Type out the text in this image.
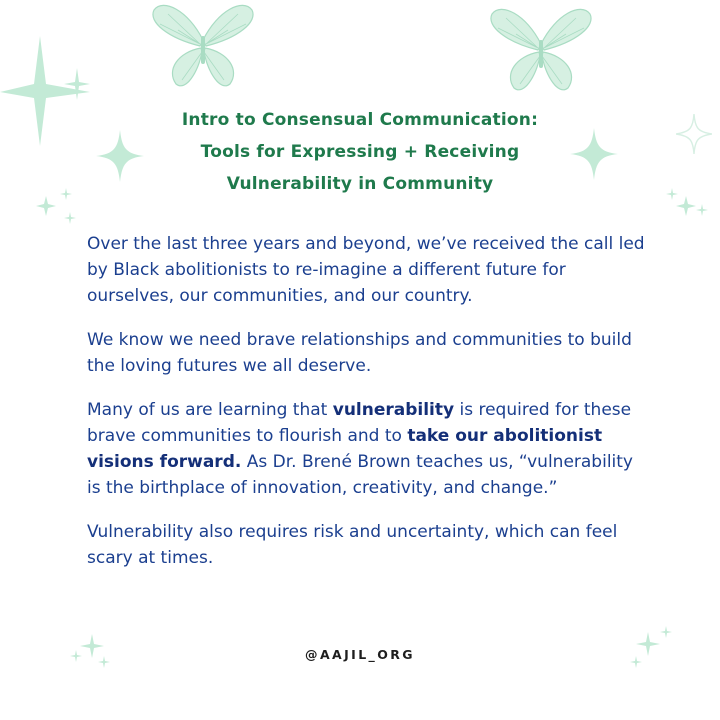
Intro to Consensual Communication:
Tools for Expressing + Receiving
Vulnerability in Community

Over the last three years and beyond, we’ve received the call led by Black abolitionists to re-imagine a different future for ourselves, our communities, and our country.

We know we need brave relationships and communities to build the loving futures we all deserve.

Many of us are learning that vulnerability is required for these brave communities to flourish and to take our abolitionist visions forward. As Dr. Brené Brown teaches us, “vulnerability is the birthplace of innovation, creativity, and change.”

Vulnerability also requires risk and uncertainty, which can feel scary at times.

@AAJIL_ORG
